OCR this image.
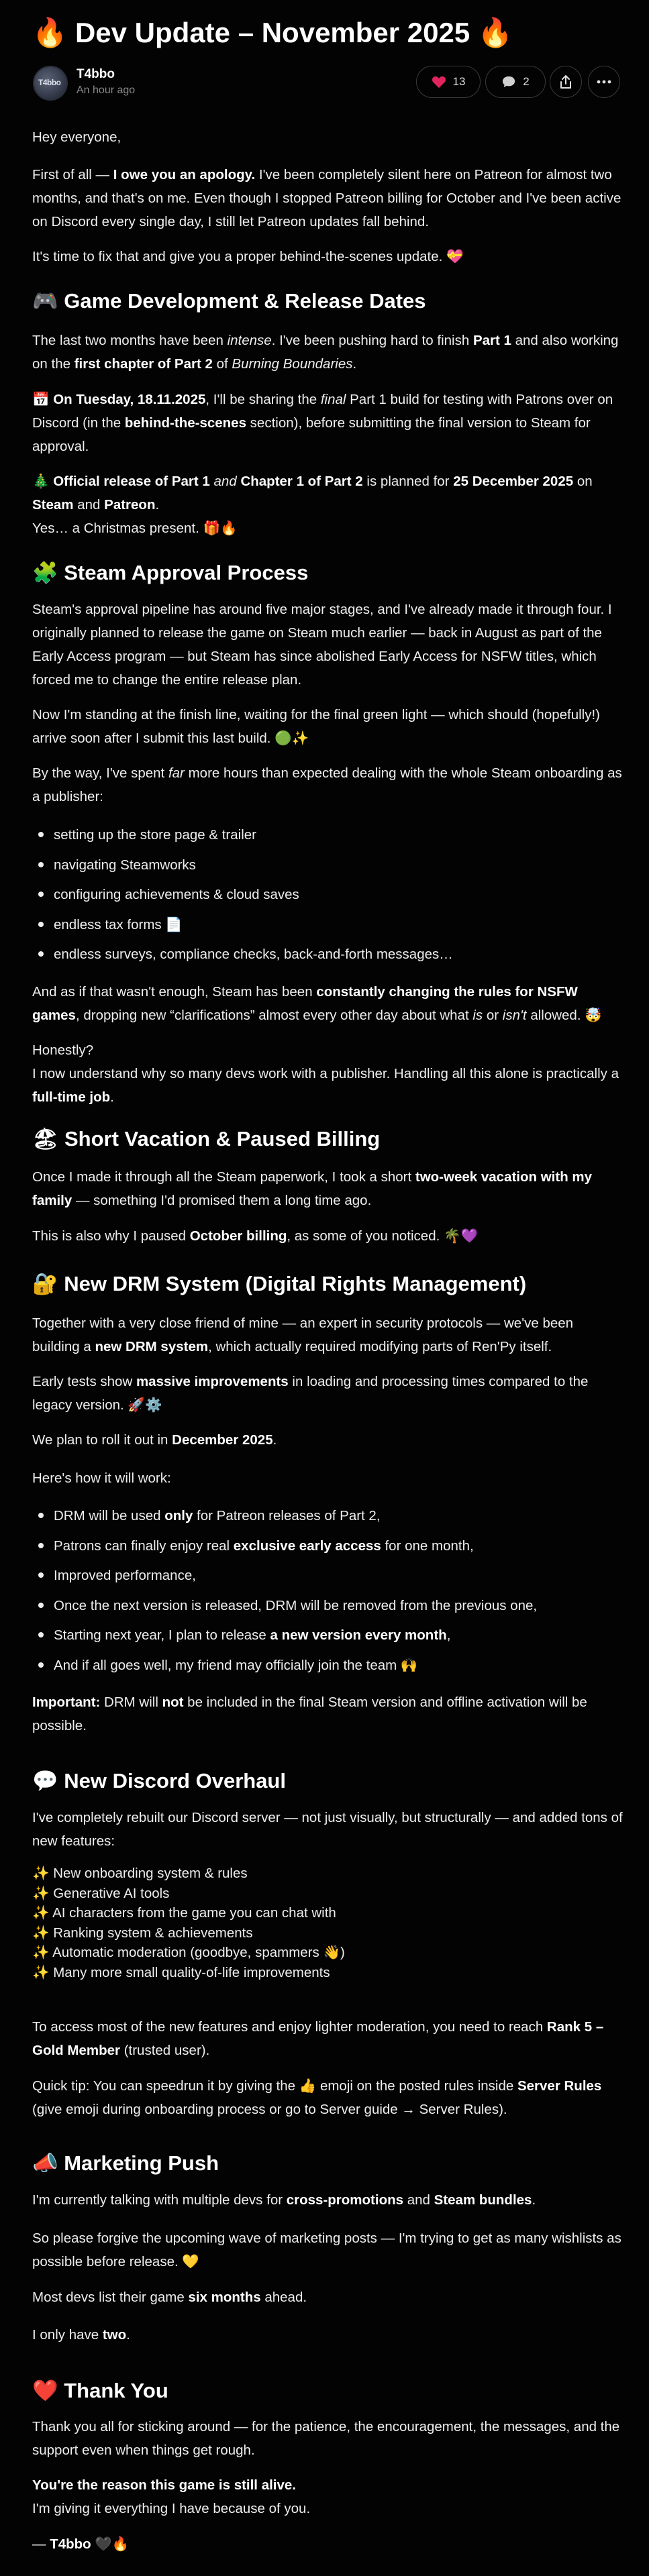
🔥 Dev Update – November 2025 🔥
T4bbo
T4bbo
An hour ago
13	2
Hey everyone,
First of all — I owe you an apology. I've been completely silent here on Patreon for almost two months, and that's on me. Even though I stopped Patreon billing for October and I've been active on Discord every single day, I still let Patreon updates fall behind.
It's time to fix that and give you a proper behind-the-scenes update. 💝
🎮 Game Development & Release Dates
The last two months have been intense. I've been pushing hard to finish Part 1 and also working on the first chapter of Part 2 of Burning Boundaries.
📅 On Tuesday, 18.11.2025, I'll be sharing the final Part 1 build for testing with Patrons over on Discord (in the behind-the-scenes section), before submitting the final version to Steam for approval.
🎄 Official release of Part 1 and Chapter 1 of Part 2 is planned for 25 December 2025 on Steam and Patreon.
Yes… a Christmas present. 🎁🔥
🧩 Steam Approval Process
Steam's approval pipeline has around five major stages, and I've already made it through four. I originally planned to release the game on Steam much earlier — back in August as part of the Early Access program — but Steam has since abolished Early Access for NSFW titles, which forced me to change the entire release plan.
Now I'm standing at the finish line, waiting for the final green light — which should (hopefully!) arrive soon after I submit this last build. 🟢✨
By the way, I've spent far more hours than expected dealing with the whole Steam onboarding as a publisher:
setting up the store page & trailer
navigating Steamworks
configuring achievements & cloud saves
endless tax forms 📄
endless surveys, compliance checks, back-and-forth messages…
And as if that wasn't enough, Steam has been constantly changing the rules for NSFW games, dropping new “clarifications” almost every other day about what is or isn't allowed. 🤯
Honestly?
I now understand why so many devs work with a publisher. Handling all this alone is practically a full-time job.
🏖 Short Vacation & Paused Billing
Once I made it through all the Steam paperwork, I took a short two-week vacation with my family — something I'd promised them a long time ago.
This is also why I paused October billing, as some of you noticed. 🌴💜
🔐 New DRM System (Digital Rights Management)
Together with a very close friend of mine — an expert in security protocols — we've been building a new DRM system, which actually required modifying parts of Ren'Py itself.
Early tests show massive improvements in loading and processing times compared to the legacy version. 🚀⚙️
We plan to roll it out in December 2025.
Here's how it will work:
DRM will be used only for Patreon releases of Part 2,
Patrons can finally enjoy real exclusive early access for one month,
Improved performance,
Once the next version is released, DRM will be removed from the previous one,
Starting next year, I plan to release a new version every month,
And if all goes well, my friend may officially join the team 🙌
Important: DRM will not be included in the final Steam version and offline activation will be possible.
💬 New Discord Overhaul
I've completely rebuilt our Discord server — not just visually, but structurally — and added tons of new features:
✨ New onboarding system & rules
✨ Generative AI tools
✨ AI characters from the game you can chat with
✨ Ranking system & achievements
✨ Automatic moderation (goodbye, spammers 👋)
✨ Many more small quality-of-life improvements
To access most of the new features and enjoy lighter moderation, you need to reach Rank 5 – Gold Member (trusted user).
Quick tip: You can speedrun it by giving the 👍 emoji on the posted rules inside Server Rules (give emoji during onboarding process or go to Server guide → Server Rules).
📣 Marketing Push
I'm currently talking with multiple devs for cross-promotions and Steam bundles.
So please forgive the upcoming wave of marketing posts — I'm trying to get as many wishlists as possible before release. 💛
Most devs list their game six months ahead.
I only have two.
❤️ Thank You
Thank you all for sticking around — for the patience, the encouragement, the messages, and the support even when things get rough.
You're the reason this game is still alive.
I'm giving it everything I have because of you.
— T4bbo 🖤🔥
